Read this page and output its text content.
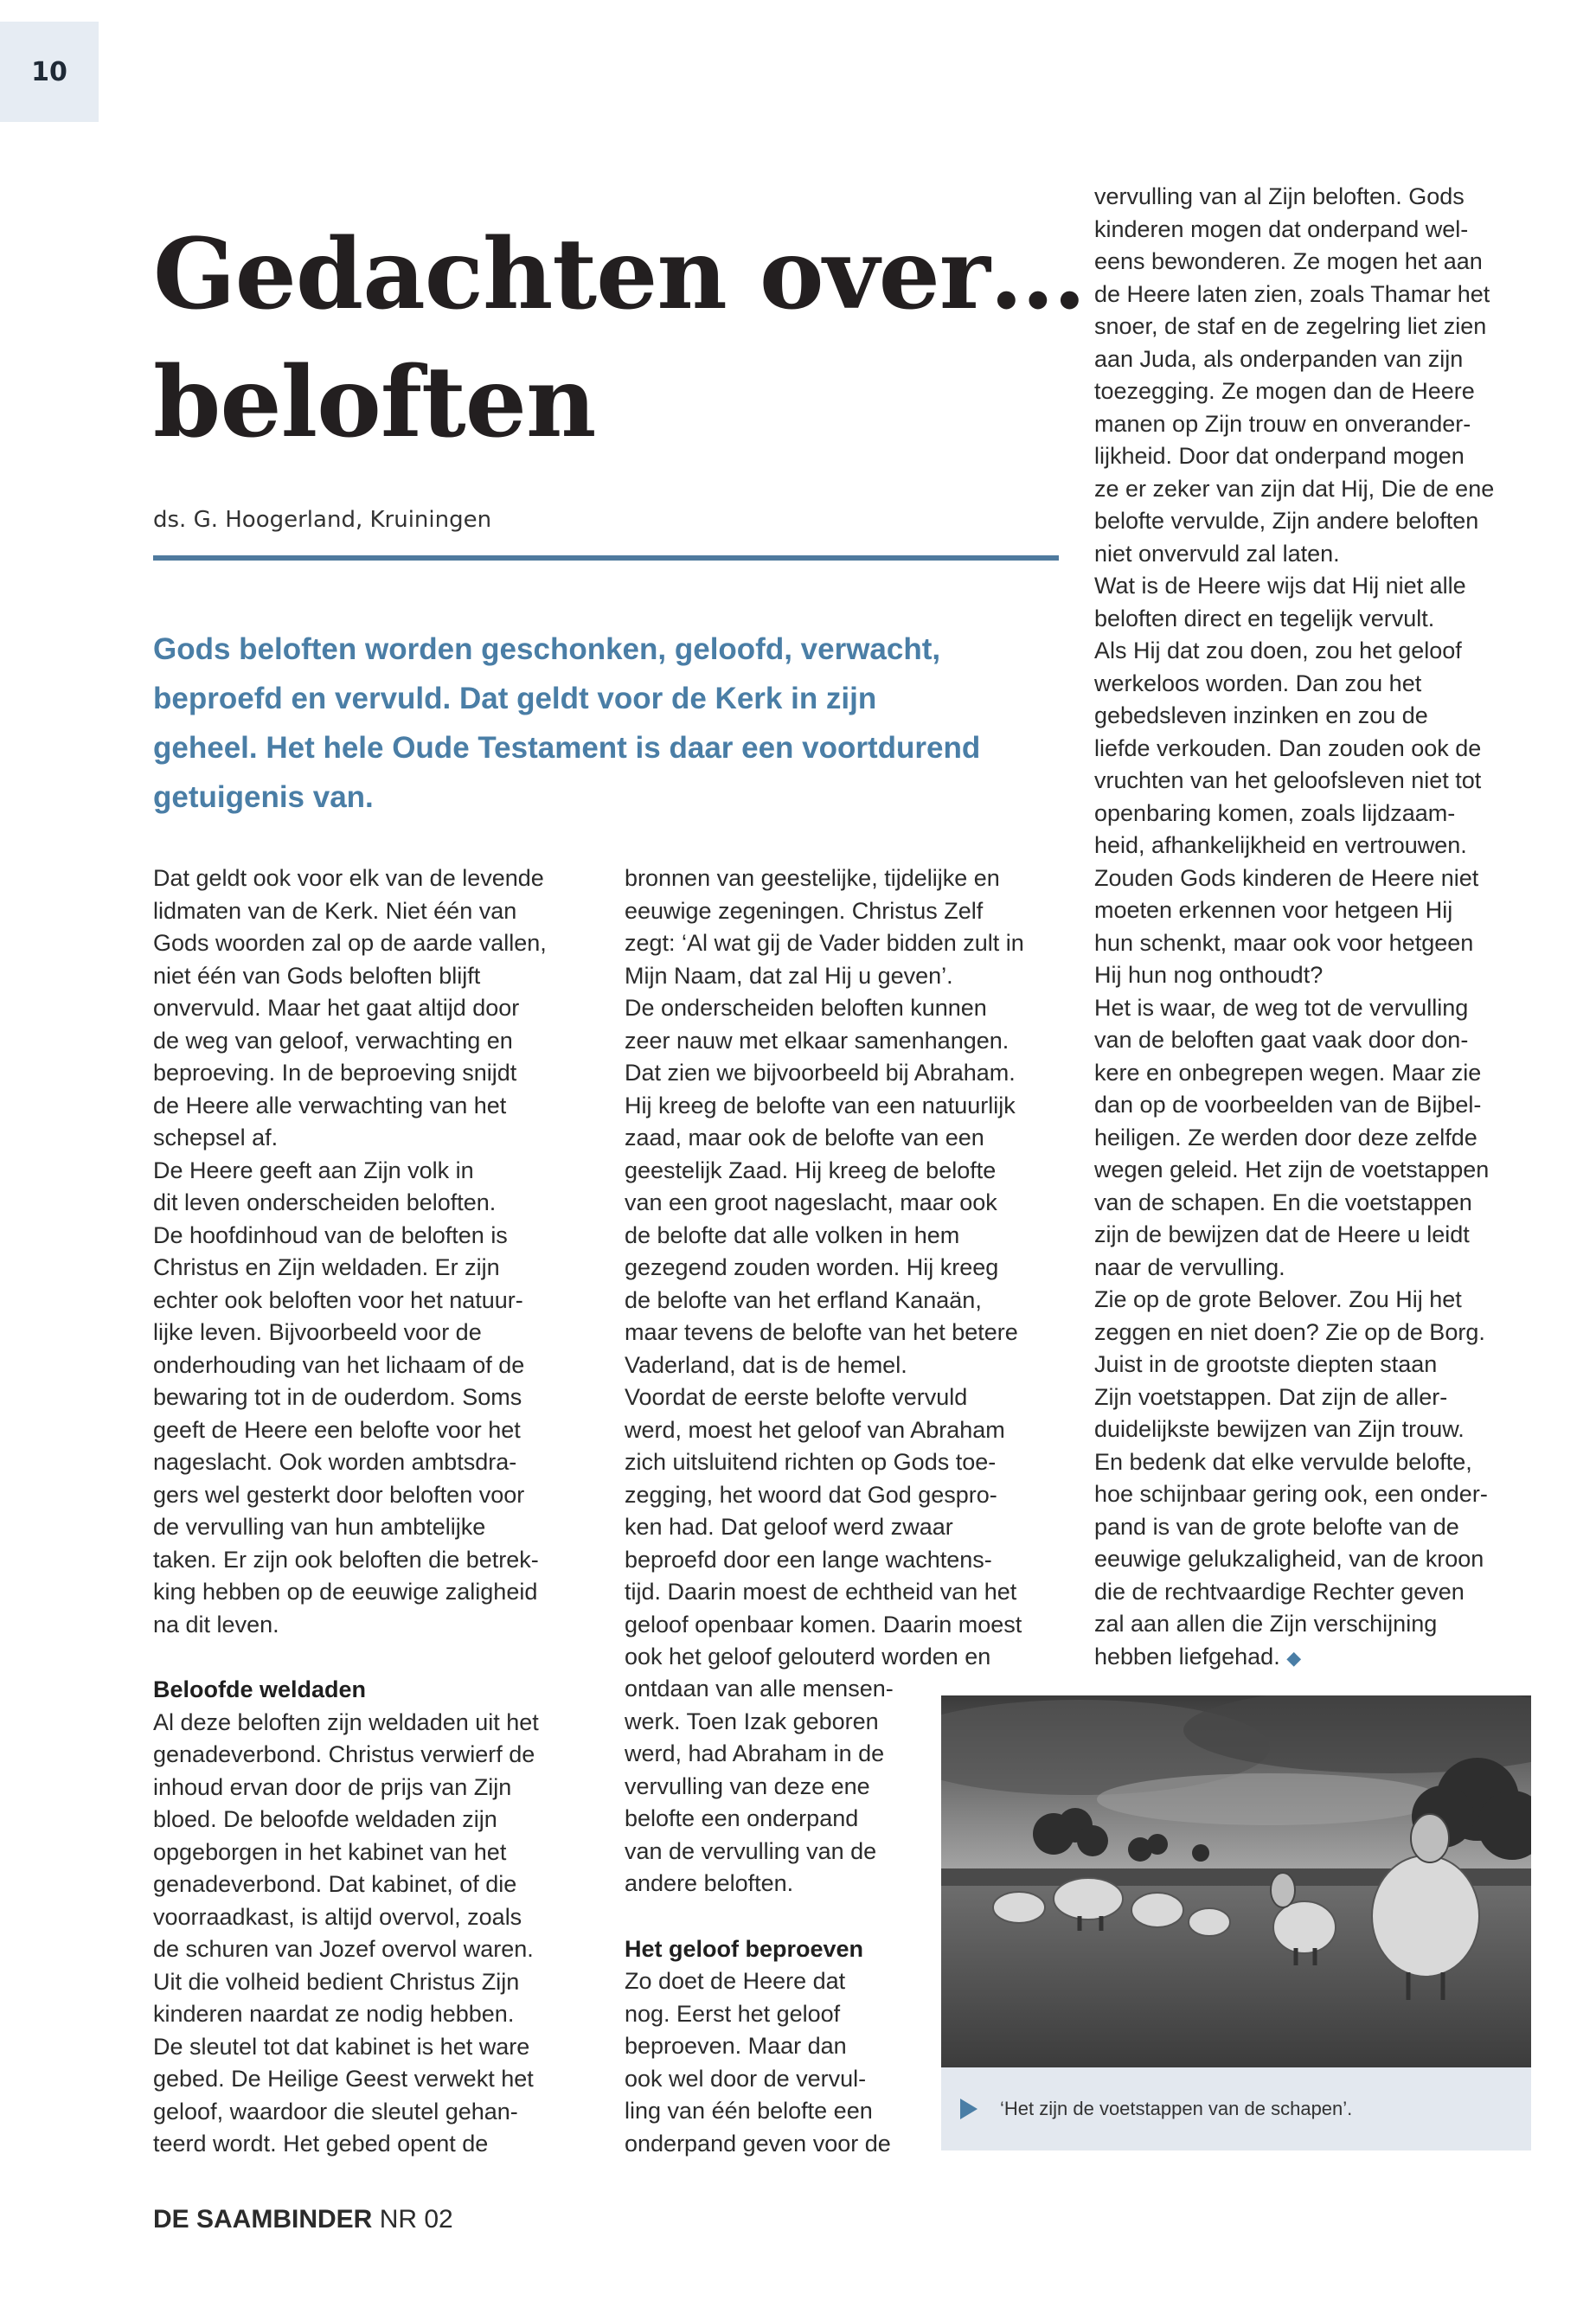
10
Gedachten over…
beloften
ds. G. Hoogerland, Kruiningen
Gods beloften worden geschonken, geloofd, verwacht,
beproefd en vervuld. Dat geldt voor de Kerk in zijn
geheel. Het hele Oude Testament is daar een voortdurend
getuigenis van.

Dat geldt ook voor elk van de levende
lidmaten van de Kerk. Niet één van
Gods woorden zal op de aarde vallen,
niet één van Gods beloften blijft
onvervuld. Maar het gaat altijd door
de weg van geloof, verwachting en
beproeving. In de beproeving snijdt
de Heere alle verwachting van het
schepsel af.
De Heere geeft aan Zijn volk in
dit leven onderscheiden beloften.
De hoofdinhoud van de beloften is
Christus en Zijn weldaden. Er zijn
echter ook beloften voor het natuur-
lijke leven. Bijvoorbeeld voor de
onderhouding van het lichaam of de
bewaring tot in de ouderdom. Soms
geeft de Heere een belofte voor het
nageslacht. Ook worden ambtsdra-
gers wel gesterkt door beloften voor
de vervulling van hun ambtelijke
taken. Er zijn ook beloften die betrek-
king hebben op de eeuwige zaligheid
na dit leven.

Beloofde weldaden

Al deze beloften zijn weldaden uit het
genadeverbond. Christus verwierf de
inhoud ervan door de prijs van Zijn
bloed. De beloofde weldaden zijn
opgeborgen in het kabinet van het
genadeverbond. Dat kabinet, of die
voorraadkast, is altijd overvol, zoals
de schuren van Jozef overvol waren.
Uit die volheid bedient Christus Zijn
kinderen naardat ze nodig hebben.
De sleutel tot dat kabinet is het ware
gebed. De Heilige Geest verwekt het
geloof, waardoor die sleutel gehan-
teerd wordt. Het gebed opent de

bronnen van geestelijke, tijdelijke en
eeuwige zegeningen. Christus Zelf
zegt: ‘Al wat gij de Vader bidden zult in
Mijn Naam, dat zal Hij u geven’.
De onderscheiden beloften kunnen
zeer nauw met elkaar samenhangen.
Dat zien we bijvoorbeeld bij Abraham.
Hij kreeg de belofte van een natuurlijk
zaad, maar ook de belofte van een
geestelijk Zaad. Hij kreeg de belofte
van een groot nageslacht, maar ook
de belofte dat alle volken in hem
gezegend zouden worden. Hij kreeg
de belofte van het erfland Kanaän,
maar tevens de belofte van het betere
Vaderland, dat is de hemel.
Voordat de eerste belofte vervuld
werd, moest het geloof van Abraham
zich uitsluitend richten op Gods toe-
zegging, het woord dat God gespro-
ken had. Dat geloof werd zwaar
beproefd door een lange wachtens-
tijd. Daarin moest de echtheid van het
geloof openbaar komen. Daarin moest
ook het geloof gelouterd worden en

ontdaan van alle mensen-
werk. Toen Izak geboren
werd, had Abraham in de
vervulling van deze ene
belofte een onderpand
van de vervulling van de
andere beloften.

Het geloof beproeven

Zo doet de Heere dat
nog. Eerst het geloof
beproeven. Maar dan
ook wel door de vervul-
ling van één belofte een
onderpand geven voor de

vervulling van al Zijn beloften. Gods
kinderen mogen dat onderpand wel-
eens bewonderen. Ze mogen het aan
de Heere laten zien, zoals Thamar het
snoer, de staf en de zegelring liet zien
aan Juda, als onderpanden van zijn
toezegging. Ze mogen dan de Heere
manen op Zijn trouw en onverander-
lijkheid. Door dat onderpand mogen
ze er zeker van zijn dat Hij, Die de ene
belofte vervulde, Zijn andere beloften
niet onvervuld zal laten.
Wat is de Heere wijs dat Hij niet alle
beloften direct en tegelijk vervult.
Als Hij dat zou doen, zou het geloof
werkeloos worden. Dan zou het
gebedsleven inzinken en zou de
liefde verkouden. Dan zouden ook de
vruchten van het geloofsleven niet tot
openbaring komen, zoals lijdzaam-
heid, afhankelijkheid en vertrouwen.
Zouden Gods kinderen de Heere niet
moeten erkennen voor hetgeen Hij
hun schenkt, maar ook voor hetgeen
Hij hun nog onthoudt?
Het is waar, de weg tot de vervulling
van de beloften gaat vaak door don-
kere en onbegrepen wegen. Maar zie
dan op de voorbeelden van de Bijbel-
heiligen. Ze werden door deze zelfde
wegen geleid. Het zijn de voetstappen
van de schapen. En die voetstappen
zijn de bewijzen dat de Heere u leidt
naar de vervulling.
Zie op de grote Belover. Zou Hij het
zeggen en niet doen? Zie op de Borg.
Juist in de grootste diepten staan
Zijn voetstappen. Dat zijn de aller-
duidelijkste bewijzen van Zijn trouw.
En bedenk dat elke vervulde belofte,
hoe schijnbaar gering ook, een onder-
pand is van de grote belofte van de
eeuwige gelukzaligheid, van de kroon
die de rechtvaardige Rechter geven
zal aan allen die Zijn verschijning
hebben liefgehad. ◆

‘Het zijn de voetstappen van de schapen’.
DE SAAMBINDER NR 02
